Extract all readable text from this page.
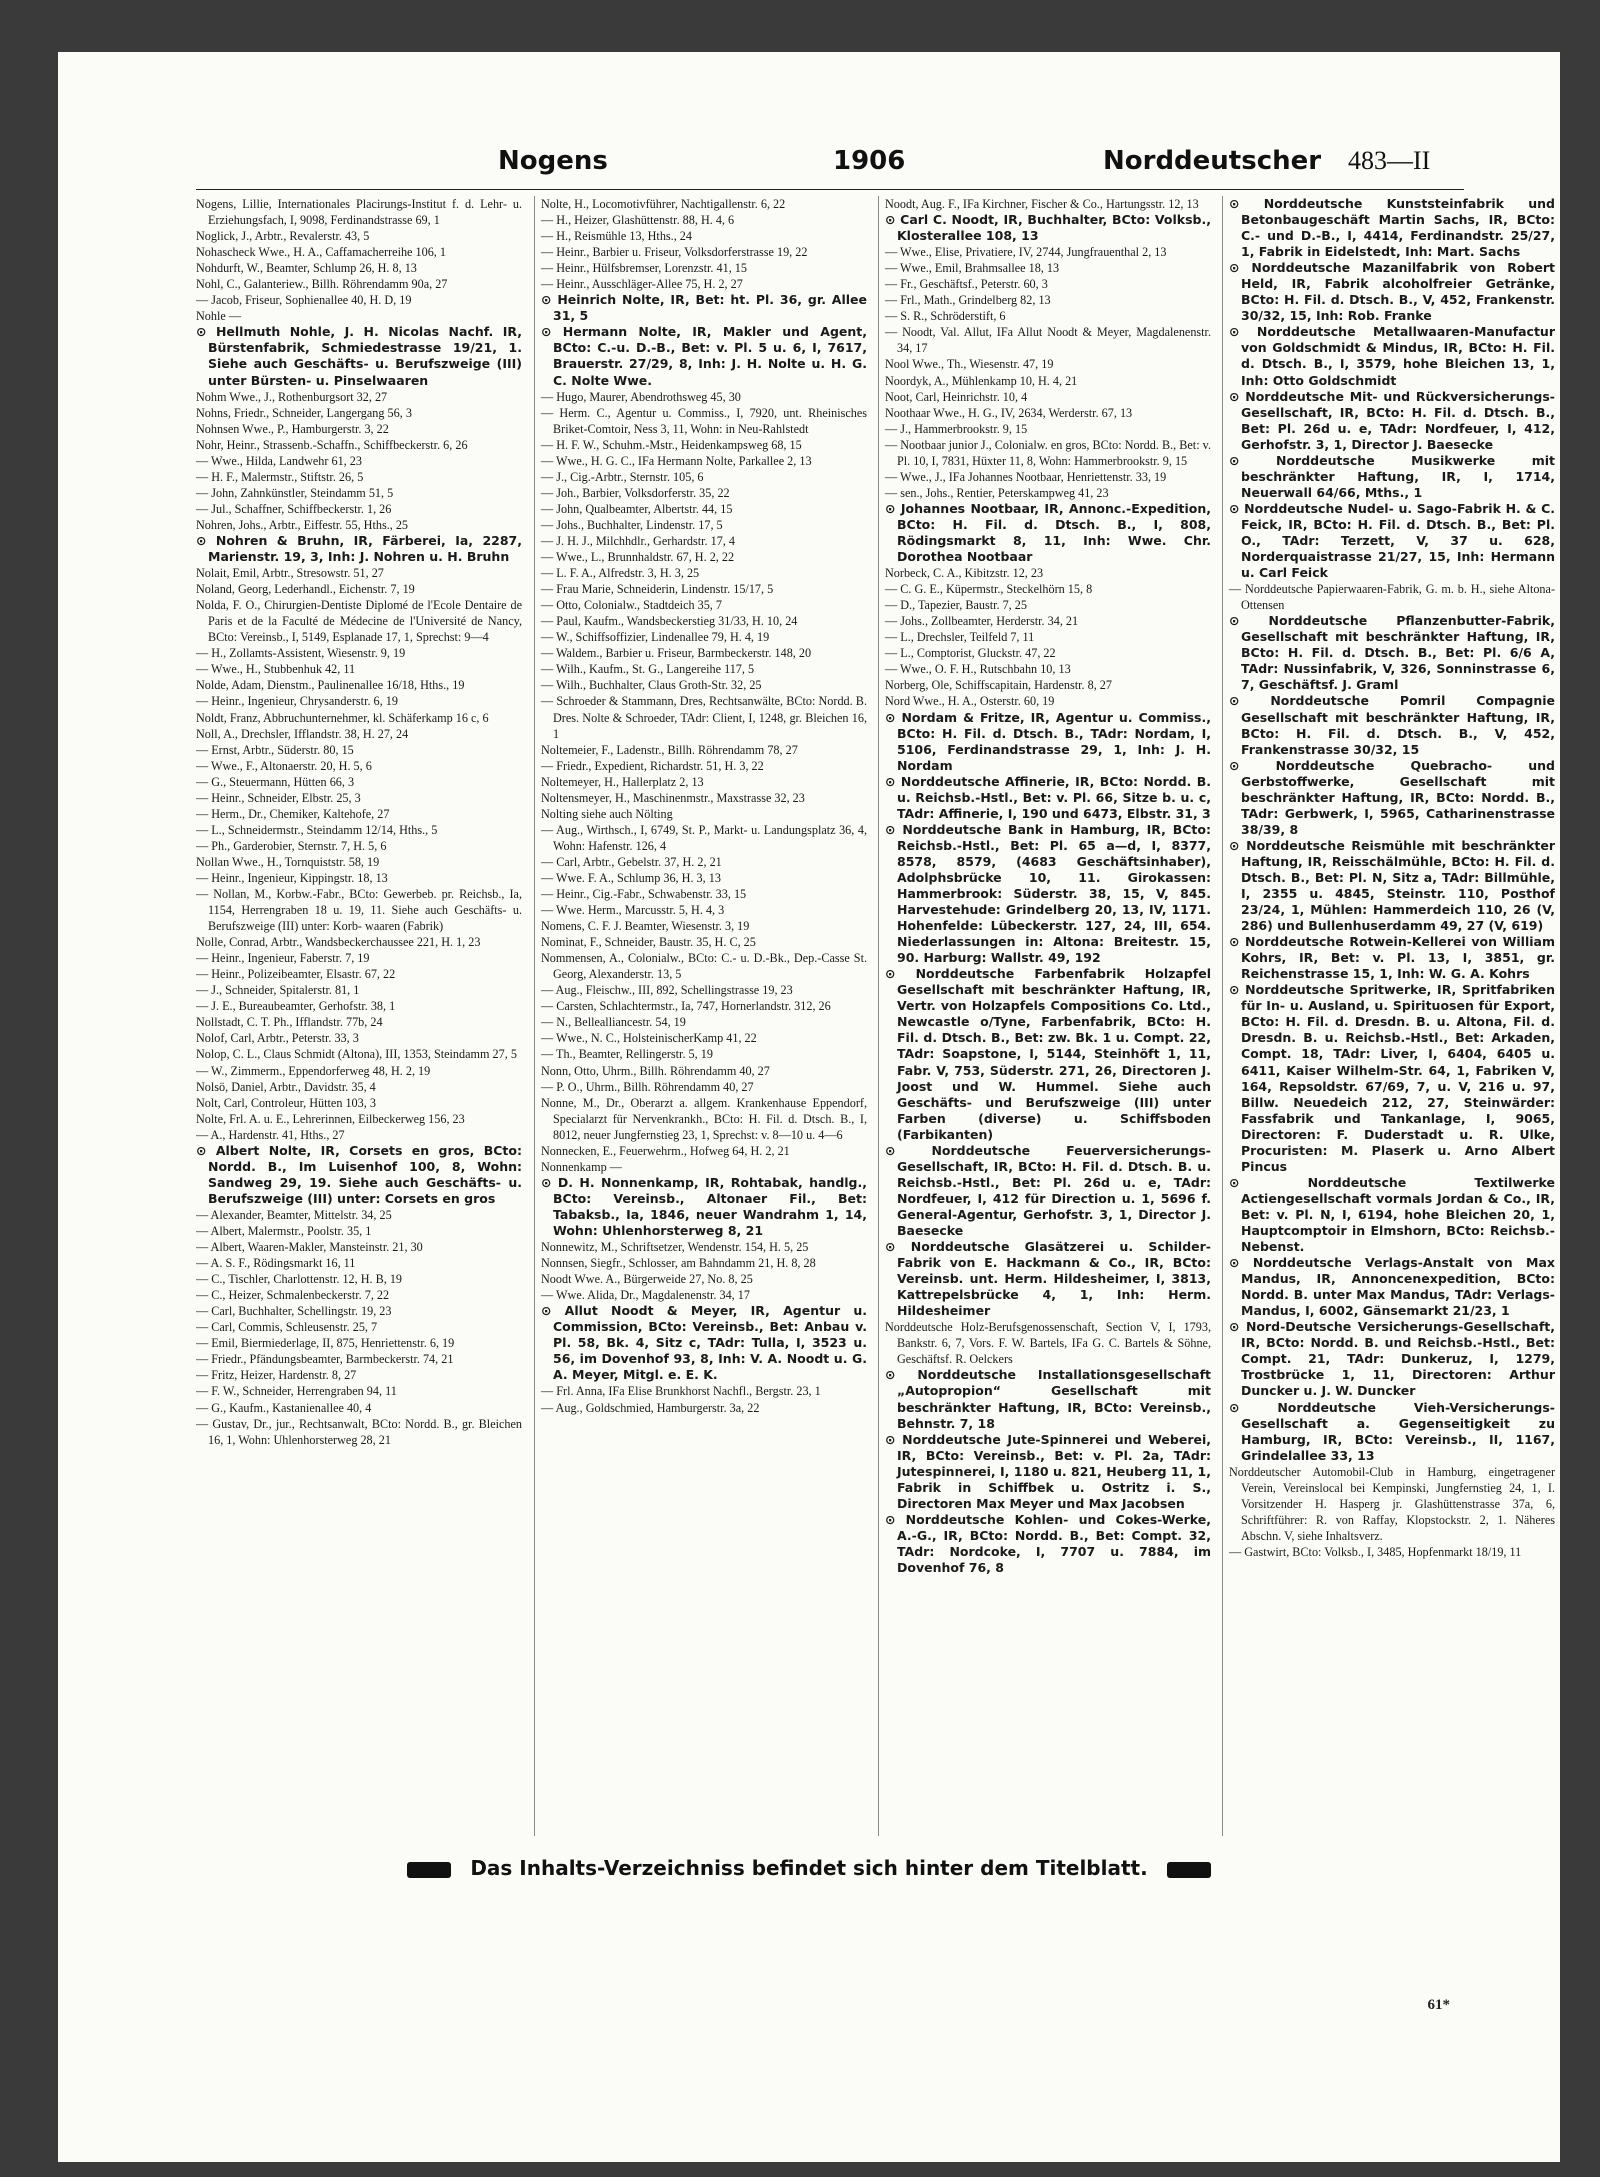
Nogens	1906	Norddeutscher 483—II

Nogens, Lillie, Internationales Placirungs-Institut f. d. Lehr- u. Erziehungsfach, I, 9098, Ferdinandstrasse 69, 1

Noglick, J., Arbtr., Revalerstr. 43, 5

Nohascheck Wwe., H. A., Caffamacherreihe 106, 1

Nohdurft, W., Beamter, Schlump 26, H. 8, 13

Nohl, C., Galanteriew., Billh. Röhrendamm 90a, 27

— Jacob, Friseur, Sophienallee 40, H. D, 19

Nohle —

⊙ Hellmuth Nohle, J. H. Nicolas Nachf. IR, Bürstenfabrik, Schmiedestrasse 19/21, 1. Siehe auch Geschäfts- u. Berufszweige (III) unter Bürsten- u. Pinselwaaren

Nohm Wwe., J., Rothenburgsort 32, 27

Nohns, Friedr., Schneider, Langergang 56, 3

Nohnsen Wwe., P., Hamburgerstr. 3, 22

Nohr, Heinr., Strassenb.-Schaffn., Schiffbeckerstr. 6, 26

— Wwe., Hilda, Landwehr 61, 23

— H. F., Malermstr., Stiftstr. 26, 5

— John, Zahnkünstler, Steindamm 51, 5

— Jul., Schaffner, Schiffbeckerstr. 1, 26

Nohren, Johs., Arbtr., Eiffestr. 55, Hths., 25

⊙ Nohren & Bruhn, IR, Färberei, Ia, 2287, Marienstr. 19, 3, Inh: J. Nohren u. H. Bruhn

Nolait, Emil, Arbtr., Stresowstr. 51, 27

Noland, Georg, Lederhandl., Eichenstr. 7, 19

Nolda, F. O., Chirurgien-Dentiste Diplomé de l'Ecole Dentaire de Paris et de la Faculté de Médecine de l'Université de Nancy, BCto: Vereinsb., I, 5149, Esplanade 17, 1, Sprechst: 9—4

— H., Zollamts-Assistent, Wiesenstr. 9, 19

— Wwe., H., Stubbenhuk 42, 11

Nolde, Adam, Dienstm., Paulinenallee 16/18, Hths., 19

— Heinr., Ingenieur, Chrysanderstr. 6, 19

Noldt, Franz, Abbruchunternehmer, kl. Schäferkamp 16 c, 6

Noll, A., Drechsler, Ifflandstr. 38, H. 27, 24

— Ernst, Arbtr., Süderstr. 80, 15

— Wwe., F., Altonaerstr. 20, H. 5, 6

— G., Steuermann, Hütten 66, 3

— Heinr., Schneider, Elbstr. 25, 3

— Herm., Dr., Chemiker, Kaltehofe, 27

— L., Schneidermstr., Steindamm 12/14, Hths., 5

— Ph., Garderobier, Sternstr. 7, H. 5, 6

Nollan Wwe., H., Tornquiststr. 58, 19

— Heinr., Ingenieur, Kippingstr. 18, 13

— Nollan, M., Korbw.-Fabr., BCto: Gewerbeb. pr. Reichsb., Ia, 1154, Herrengraben 18 u. 19, 11. Siehe auch Geschäfts- u. Berufszweige (III) unter: Korb- waaren (Fabrik)

Nolle, Conrad, Arbtr., Wandsbeckerchaussee 221, H. 1, 23

— Heinr., Ingenieur, Faberstr. 7, 19

— Heinr., Polizeibeamter, Elsastr. 67, 22

— J., Schneider, Spitalerstr. 81, 1

— J. E., Bureaubeamter, Gerhofstr. 38, 1

Nollstadt, C. T. Ph., Ifflandstr. 77b, 24

Nolof, Carl, Arbtr., Peterstr. 33, 3

Nolop, C. L., Claus Schmidt (Altona), III, 1353, Steindamm 27, 5

— W., Zimmerm., Eppendorferweg 48, H. 2, 19

Nolsö, Daniel, Arbtr., Davidstr. 35, 4

Nolt, Carl, Controleur, Hütten 103, 3

Nolte, Frl. A. u. E., Lehrerinnen, Eilbeckerweg 156, 23

— A., Hardenstr. 41, Hths., 27

⊙ Albert Nolte, IR, Corsets en gros, BCto: Nordd. B., Im Luisenhof 100, 8, Wohn: Sandweg 29, 19. Siehe auch Geschäfts- u. Berufszweige (III) unter: Corsets en gros

— Alexander, Beamter, Mittelstr. 34, 25

— Albert, Malermstr., Poolstr. 35, 1

— Albert, Waaren-Makler, Mansteinstr. 21, 30

— A. S. F., Rödingsmarkt 16, 11

— C., Tischler, Charlottenstr. 12, H. B, 19

— C., Heizer, Schmalenbeckerstr. 7, 22

— Carl, Buchhalter, Schellingstr. 19, 23

— Carl, Commis, Schleusenstr. 25, 7

— Emil, Biermiederlage, II, 875, Henriettenstr. 6, 19

— Friedr., Pfändungsbeamter, Barmbeckerstr. 74, 21

— Fritz, Heizer, Hardenstr. 8, 27

— F. W., Schneider, Herrengraben 94, 11

— G., Kaufm., Kastanienallee 40, 4

— Gustav, Dr., jur., Rechtsanwalt, BCto: Nordd. B., gr. Bleichen 16, 1, Wohn: Uhlenhorsterweg 28, 21

Nolte, H., Locomotivführer, Nachtigallenstr. 6, 22

— H., Heizer, Glashüttenstr. 88, H. 4, 6

— H., Reismühle 13, Hths., 24

— Heinr., Barbier u. Friseur, Volksdorferstrasse 19, 22

— Heinr., Hülfsbremser, Lorenzstr. 41, 15

— Heinr., Ausschläger-Allee 75, H. 2, 27

⊙ Heinrich Nolte, IR, Bet: ht. Pl. 36, gr. Allee 31, 5

⊙ Hermann Nolte, IR, Makler und Agent, BCto: C.-u. D.-B., Bet: v. Pl. 5 u. 6, I, 7617, Brauerstr. 27/29, 8, Inh: J. H. Nolte u. H. G. C. Nolte Wwe.

— Hugo, Maurer, Abendrothsweg 45, 30

— Herm. C., Agentur u. Commiss., I, 7920, unt. Rheinisches Briket-Comtoir, Ness 3, 11, Wohn: in Neu-Rahlstedt

— H. F. W., Schuhm.-Mstr., Heidenkampsweg 68, 15

— Wwe., H. G. C., IFa Hermann Nolte, Parkallee 2, 13

— J., Cig.-Arbtr., Sternstr. 105, 6

— Joh., Barbier, Volksdorferstr. 35, 22

— John, Qualbeamter, Albertstr. 44, 15

— Johs., Buchhalter, Lindenstr. 17, 5

— J. H. J., Milchhdlr., Gerhardstr. 17, 4

— Wwe., L., Brunnhaldstr. 67, H. 2, 22

— L. F. A., Alfredstr. 3, H. 3, 25

— Frau Marie, Schneiderin, Lindenstr. 15/17, 5

— Otto, Colonialw., Stadtdeich 35, 7

— Paul, Kaufm., Wandsbeckerstieg 31/33, H. 10, 24

— W., Schiffsoffizier, Lindenallee 79, H. 4, 19

— Waldem., Barbier u. Friseur, Barmbeckerstr. 148, 20

— Wilh., Kaufm., St. G., Langereihe 117, 5

— Wilh., Buchhalter, Claus Groth-Str. 32, 25

— Schroeder & Stammann, Dres, Rechtsanwälte, BCto: Nordd. B. Dres. Nolte & Schroeder, TAdr: Client, I, 1248, gr. Bleichen 16, 1

Noltemeier, F., Ladenstr., Billh. Röhrendamm 78, 27

— Friedr., Expedient, Richardstr. 51, H. 3, 22

Noltemeyer, H., Hallerplatz 2, 13

Noltensmeyer, H., Maschinenmstr., Maxstrasse 32, 23

Nolting siehe auch Nölting

— Aug., Wirthsch., I, 6749, St. P., Markt- u. Landungsplatz 36, 4, Wohn: Hafenstr. 126, 4

— Carl, Arbtr., Gebelstr. 37, H. 2, 21

— Wwe. F. A., Schlump 36, H. 3, 13

— Heinr., Cig.-Fabr., Schwabenstr. 33, 15

— Wwe. Herm., Marcusstr. 5, H. 4, 3

Nomens, C. F. J. Beamter, Wiesenstr. 3, 19

Nominat, F., Schneider, Baustr. 35, H. C, 25

Nommensen, A., Colonialw., BCto: C.- u. D.-Bk., Dep.-Casse St. Georg, Alexanderstr. 13, 5

— Aug., Fleischw., III, 892, Schellingstrasse 19, 23

— Carsten, Schlachtermstr., Ia, 747, Hornerlandstr. 312, 26

— N., Bellealliancestr. 54, 19

— Wwe., N. C., HolsteinischerKamp 41, 22

— Th., Beamter, Rellingerstr. 5, 19

Nonn, Otto, Uhrm., Billh. Röhrendamm 40, 27

— P. O., Uhrm., Billh. Röhrendamm 40, 27

Nonne, M., Dr., Oberarzt a. allgem. Krankenhause Eppendorf, Specialarzt für Nervenkrankh., BCto: H. Fil. d. Dtsch. B., I, 8012, neuer Jungfernstieg 23, 1, Sprechst: v. 8—10 u. 4—6

Nonnecken, E., Feuerwehrm., Hofweg 64, H. 2, 21

Nonnenkamp —

⊙ D. H. Nonnenkamp, IR, Rohtabak, handlg., BCto: Vereinsb., Altonaer Fil., Bet: Tabaksb., Ia, 1846, neuer Wandrahm 1, 14, Wohn: Uhlenhorsterweg 8, 21

Nonnewitz, M., Schriftsetzer, Wendenstr. 154, H. 5, 25

Nonnsen, Siegfr., Schlosser, am Bahndamm 21, H. 8, 28

Noodt Wwe. A., Bürgerweide 27, No. 8, 25

— Wwe. Alida, Dr., Magdalenenstr. 34, 17

⊙ Allut Noodt & Meyer, IR, Agentur u. Commission, BCto: Vereinsb., Bet: Anbau v. Pl. 58, Bk. 4, Sitz c, TAdr: Tulla, I, 3523 u. 56, im Dovenhof 93, 8, Inh: V. A. Noodt u. G. A. Meyer, Mitgl. e. E. K.

— Frl. Anna, IFa Elise Brunkhorst Nachfl., Bergstr. 23, 1

— Aug., Goldschmied, Hamburgerstr. 3a, 22

Noodt, Aug. F., IFa Kirchner, Fischer & Co., Hartungsstr. 12, 13

⊙ Carl C. Noodt, IR, Buchhalter, BCto: Volksb., Klosterallee 108, 13

— Wwe., Elise, Privatiere, IV, 2744, Jungfrauenthal 2, 13

— Wwe., Emil, Brahmsallee 18, 13

— Fr., Geschäftsf., Peterstr. 60, 3

— Frl., Math., Grindelberg 82, 13

— S. R., Schröderstift, 6

— Noodt, Val. Allut, IFa Allut Noodt & Meyer, Magdalenenstr. 34, 17

Nool Wwe., Th., Wiesenstr. 47, 19

Noordyk, A., Mühlenkamp 10, H. 4, 21

Noot, Carl, Heinrichstr. 10, 4

Noothaar Wwe., H. G., IV, 2634, Werderstr. 67, 13

— J., Hammerbrookstr. 9, 15

— Nootbaar junior J., Colonialw. en gros, BCto: Nordd. B., Bet: v. Pl. 10, I, 7831, Hüxter 11, 8, Wohn: Hammerbrookstr. 9, 15

— Wwe., J., IFa Johannes Nootbaar, Henriettenstr. 33, 19

— sen., Johs., Rentier, Peterskampweg 41, 23

⊙ Johannes Nootbaar, IR, Annonc.-Expedition, BCto: H. Fil. d. Dtsch. B., I, 808, Rödingsmarkt 8, 11, Inh: Wwe. Chr. Dorothea Nootbaar

Norbeck, C. A., Kibitzstr. 12, 23

— C. G. E., Küpermstr., Steckelhörn 15, 8

— D., Tapezier, Baustr. 7, 25

— Johs., Zollbeamter, Herderstr. 34, 21

— L., Drechsler, Teilfeld 7, 11

— L., Comptorist, Gluckstr. 47, 22

— Wwe., O. F. H., Rutschbahn 10, 13

Norberg, Ole, Schiffscapitain, Hardenstr. 8, 27

Nord Wwe., H. A., Osterstr. 60, 19

⊙ Nordam & Fritze, IR, Agentur u. Commiss., BCto: H. Fil. d. Dtsch. B., TAdr: Nordam, I, 5106, Ferdinandstrasse 29, 1, Inh: J. H. Nordam

⊙ Norddeutsche Affinerie, IR, BCto: Nordd. B. u. Reichsb.-Hstl., Bet: v. Pl. 66, Sitze b. u. c, TAdr: Affinerie, I, 190 und 6473, Elbstr. 31, 3

⊙ Norddeutsche Bank in Hamburg, IR, BCto: Reichsb.-Hstl., Bet: Pl. 65 a—d, I, 8377, 8578, 8579, (4683 Geschäftsinhaber), Adolphsbrücke 10, 11. Girokassen: Hammerbrook: Süderstr. 38, 15, V, 845. Harvestehude: Grindelberg 20, 13, IV, 1171. Hohenfelde: Lübeckerstr. 127, 24, III, 654. Niederlassungen in: Altona: Breitestr. 15, 90. Harburg: Wallstr. 49, 192

⊙ Norddeutsche Farbenfabrik Holzapfel Gesellschaft mit beschränkter Haftung, IR, Vertr. von Holzapfels Compositions Co. Ltd., Newcastle o/Tyne, Farbenfabrik, BCto: H. Fil. d. Dtsch. B., Bet: zw. Bk. 1 u. Compt. 22, TAdr: Soapstone, I, 5144, Steinhöft 1, 11, Fabr. V, 753, Süderstr. 271, 26, Directoren J. Joost und W. Hummel. Siehe auch Geschäfts- und Berufszweige (III) unter Farben (diverse) u. Schiffsboden (Farbikanten)

⊙ Norddeutsche Feuerversicherungs-Gesellschaft, IR, BCto: H. Fil. d. Dtsch. B. u. Reichsb.-Hstl., Bet: Pl. 26d u. e, TAdr: Nordfeuer, I, 412 für Direction u. 1, 5696 f. General-Agentur, Gerhofstr. 3, 1, Director J. Baesecke

⊙ Norddeutsche Glasätzerei u. Schilder-Fabrik von E. Hackmann & Co., IR, BCto: Vereinsb. unt. Herm. Hildesheimer, I, 3813, Kattrepelsbrücke 4, 1, Inh: Herm. Hildesheimer

Norddeutsche Holz-Berufsgenossenschaft, Section V, I, 1793, Bankstr. 6, 7, Vors. F. W. Bartels, IFa G. C. Bartels & Söhne, Geschäftsf. R. Oelckers

⊙ Norddeutsche Installationsgesellschaft „Autopropion“ Gesellschaft mit beschränkter Haftung, IR, BCto: Vereinsb., Behnstr. 7, 18

⊙ Norddeutsche Jute-Spinnerei und Weberei, IR, BCto: Vereinsb., Bet: v. Pl. 2a, TAdr: Jutespinnerei, I, 1180 u. 821, Heuberg 11, 1, Fabrik in Schiffbek u. Ostritz i. S., Directoren Max Meyer und Max Jacobsen

⊙ Norddeutsche Kohlen- und Cokes-Werke, A.-G., IR, BCto: Nordd. B., Bet: Compt. 32, TAdr: Nordcoke, I, 7707 u. 7884, im Dovenhof 76, 8

⊙ Norddeutsche Kunststeinfabrik und Betonbaugeschäft Martin Sachs, IR, BCto: C.- und D.-B., I, 4414, Ferdinandstr. 25/27, 1, Fabrik in Eidelstedt, Inh: Mart. Sachs

⊙ Norddeutsche Mazanilfabrik von Robert Held, IR, Fabrik alcoholfreier Getränke, BCto: H. Fil. d. Dtsch. B., V, 452, Frankenstr. 30/32, 15, Inh: Rob. Franke

⊙ Norddeutsche Metallwaaren-Manufactur von Goldschmidt & Mindus, IR, BCto: H. Fil. d. Dtsch. B., I, 3579, hohe Bleichen 13, 1, Inh: Otto Goldschmidt

⊙ Norddeutsche Mit- und Rückversicherungs-Gesellschaft, IR, BCto: H. Fil. d. Dtsch. B., Bet: Pl. 26d u. e, TAdr: Nordfeuer, I, 412, Gerhofstr. 3, 1, Director J. Baesecke

⊙ Norddeutsche Musikwerke mit beschränkter Haftung, IR, I, 1714, Neuerwall 64/66, Mths., 1

⊙ Norddeutsche Nudel- u. Sago-Fabrik H. & C. Feick, IR, BCto: H. Fil. d. Dtsch. B., Bet: Pl. O., TAdr: Terzett, V, 37 u. 628, Norderquaistrasse 21/27, 15, Inh: Hermann u. Carl Feick

— Norddeutsche Papierwaaren-Fabrik, G. m. b. H., siehe Altona-Ottensen

⊙ Norddeutsche Pflanzenbutter-Fabrik, Gesellschaft mit beschränkter Haftung, IR, BCto: H. Fil. d. Dtsch. B., Bet: Pl. 6/6 A, TAdr: Nussinfabrik, V, 326, Sonninstrasse 6, 7, Geschäftsf. J. Graml

⊙ Norddeutsche Pomril Compagnie Gesellschaft mit beschränkter Haftung, IR, BCto: H. Fil. d. Dtsch. B., V, 452, Frankenstrasse 30/32, 15

⊙ Norddeutsche Quebracho- und Gerbstoffwerke, Gesellschaft mit beschränkter Haftung, IR, BCto: Nordd. B., TAdr: Gerbwerk, I, 5965, Catharinenstrasse 38/39, 8

⊙ Norddeutsche Reismühle mit beschränkter Haftung, IR, Reisschälmühle, BCto: H. Fil. d. Dtsch. B., Bet: Pl. N, Sitz a, TAdr: Billmühle, I, 2355 u. 4845, Steinstr. 110, Posthof 23/24, 1, Mühlen: Hammerdeich 110, 26 (V, 286) und Bullenhuserdamm 49, 27 (V, 619)

⊙ Norddeutsche Rotwein-Kellerei von William Kohrs, IR, Bet: v. Pl. 13, I, 3851, gr. Reichenstrasse 15, 1, Inh: W. G. A. Kohrs

⊙ Norddeutsche Spritwerke, IR, Spritfabriken für In- u. Ausland, u. Spirituosen für Export, BCto: H. Fil. d. Dresdn. B. u. Altona, Fil. d. Dresdn. B. u. Reichsb.-Hstl., Bet: Arkaden, Compt. 18, TAdr: Liver, I, 6404, 6405 u. 6411, Kaiser Wilhelm-Str. 64, 1, Fabriken V, 164, Repsoldstr. 67/69, 7, u. V, 216 u. 97, Billw. Neuedeich 212, 27, Steinwärder: Fassfabrik und Tankanlage, I, 9065, Directoren: F. Duderstadt u. R. Ulke, Procuristen: M. Plaserk u. Arno Albert Pincus

⊙ Norddeutsche Textilwerke Actiengesellschaft vormals Jordan & Co., IR, Bet: v. Pl. N, I, 6194, hohe Bleichen 20, 1, Hauptcomptoir in Elmshorn, BCto: Reichsb.-Nebenst.

⊙ Norddeutsche Verlags-Anstalt von Max Mandus, IR, Annoncenexpedition, BCto: Nordd. B. unter Max Mandus, TAdr: Verlags-Mandus, I, 6002, Gänsemarkt 21/23, 1

⊙ Nord-Deutsche Versicherungs-Gesellschaft, IR, BCto: Nordd. B. und Reichsb.-Hstl., Bet: Compt. 21, TAdr: Dunkeruz, I, 1279, Trostbrücke 1, 11, Directoren: Arthur Duncker u. J. W. Duncker

⊙ Norddeutsche Vieh-Versicherungs-Gesellschaft a. Gegenseitigkeit zu Hamburg, IR, BCto: Vereinsb., II, 1167, Grindelallee 33, 13

Norddeutscher Automobil-Club in Hamburg, eingetragener Verein, Vereinslocal bei Kempinski, Jungfernstieg 24, 1, I. Vorsitzender H. Hasperg jr. Glashüttenstrasse 37a, 6, Schriftführer: R. von Raffay, Klopstockstr. 2, 1. Näheres Abschn. V, siehe Inhaltsverz.

— Gastwirt, BCto: Volksb., I, 3485, Hopfenmarkt 18/19, 11

Das Inhalts-Verzeichniss befindet sich hinter dem Titelblatt.
61*
